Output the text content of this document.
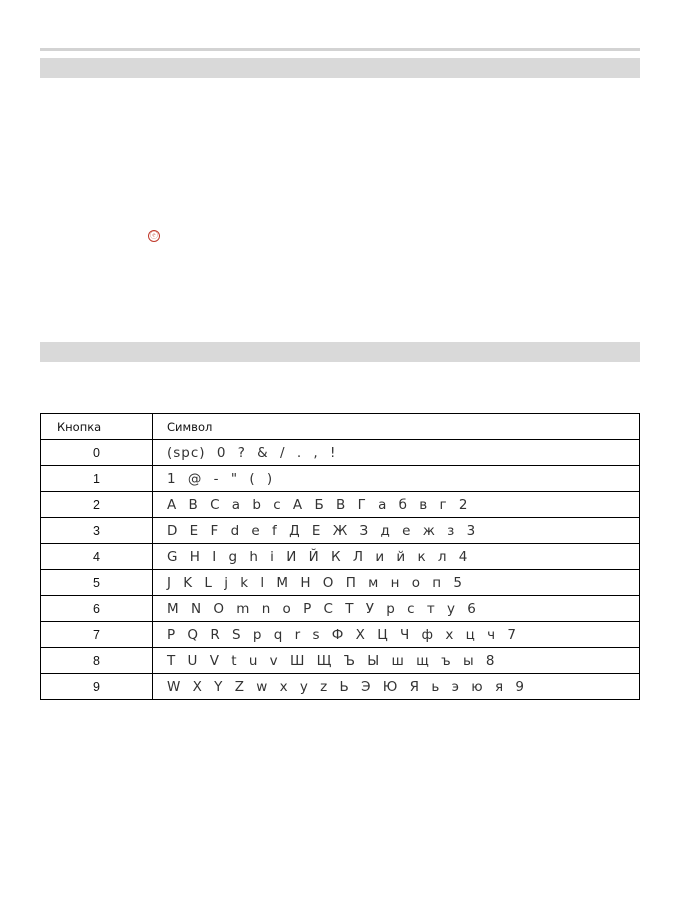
ⓔ
Кнопка	Символ
0	(spc) 0 ? & / . , !
1	1 @ - " ( )
2	A B C a b c А Б В Г а б в г 2
3	D E F d e f Д Е Ж З д е ж з 3
4	G H I g h i И Й К Л и й к л 4
5	J K L j k l М Н О П м н о п 5
6	M N O m n o Р С Т У р с т у 6
7	P Q R S p q r s Ф Х Ц Ч ф х ц ч 7
8	T U V t u v Ш Щ Ъ Ы ш щ ъ ы 8
9	W X Y Z w x y z Ь Э Ю Я ь э ю я 9
